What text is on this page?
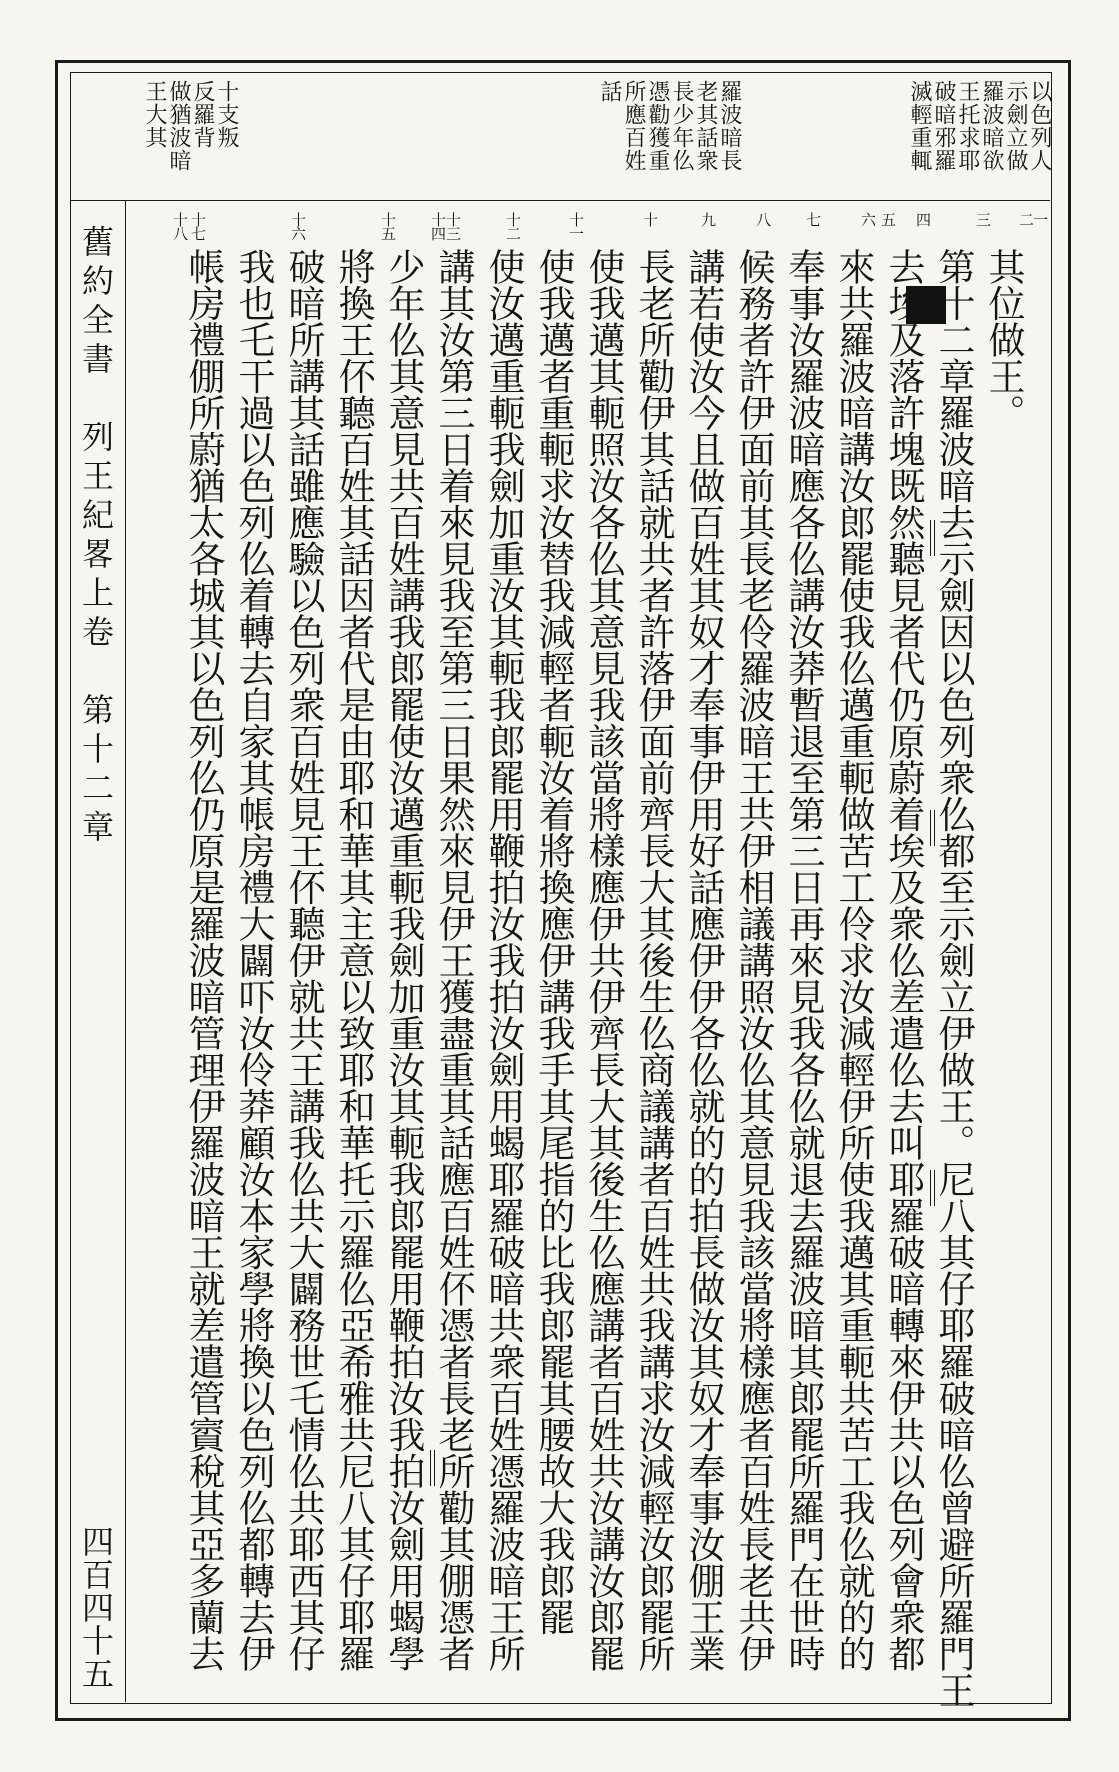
以色列人
示劍立做
羅波暗欲
王托求耶
破暗邪羅
滅輕重輒
羅波暗長
老其話衆
長少年仫
憑勸獲重
所應百姓
話
十支叛
反羅背
做猶波暗
王大其
一
二
三
四
五
六
七
八
九
十
十一
十二
十三
十四
十五
十六
十七
十八
其位做王。
第十二章羅波暗去示劍因以色列衆仫都至示劍立伊做王。尼八其仔耶羅破暗仫曾避所羅門王
去埃及落許塊既然聽見者代仍原蔚着埃及衆仫差遣仫去叫耶羅破暗轉來伊共以色列會衆都
來共羅波暗講汝郎罷使我仫邁重軛做苦工伶求汝減輕伊所使我邁其重軛共苦工我仫就的的
奉事汝羅波暗應各仫講汝莽暫退至第三日再來見我各仫就退去羅波暗其郎罷所羅門在世時
候務者許伊面前其長老伶羅波暗王共伊相議講照汝仫其意見我該當將樣應者百姓長老共伊
講若使汝今且做百姓其奴才奉事伊用好話應伊伊各仫就的的拍長做汝其奴才奉事汝倗王業
長老所勸伊其話就共者許落伊面前齊長大其後生仫商議講者百姓共我講求汝減輕汝郎罷所
使我邁其軛照汝各仫其意見我該當將樣應伊共伊齊長大其後生仫應講者百姓共汝講汝郎罷
使我邁者重軛求汝替我減輕者軛汝着將換應伊講我手其尾指的比我郎罷其腰故大我郎罷
使汝邁重軛我劍加重汝其軛我郎罷用鞭拍汝我拍汝劍用蝎耶羅破暗共衆百姓憑羅波暗王所
講其汝第三日着來見我至第三日果然來見伊王獲盡重其話應百姓伓憑者長老所勸其倗憑者
少年仫其意見共百姓講我郎罷使汝邁重軛我劍加重汝其軛我郎罷用鞭拍汝我拍汝劍用蝎學
將換王伓聽百姓其話因者代是由耶和華其主意以致耶和華托示羅仫亞希雅共尼八其仔耶羅
破暗所講其話雖應驗以色列衆百姓見王伓聽伊就共王講我仫共大闢務世乇情仫共耶西其仔
我也乇干過以色列仫着轉去自家其帳房禮大闢吓汝伶莽顧汝本家學將換以色列仫都轉去伊
帳房禮倗所蔚猶太各城其以色列仫仍原是羅波暗管理伊羅波暗王就差遣管賨稅其亞多蘭去
舊約全書　列王紀畧上卷　第十二章
四百四十五
